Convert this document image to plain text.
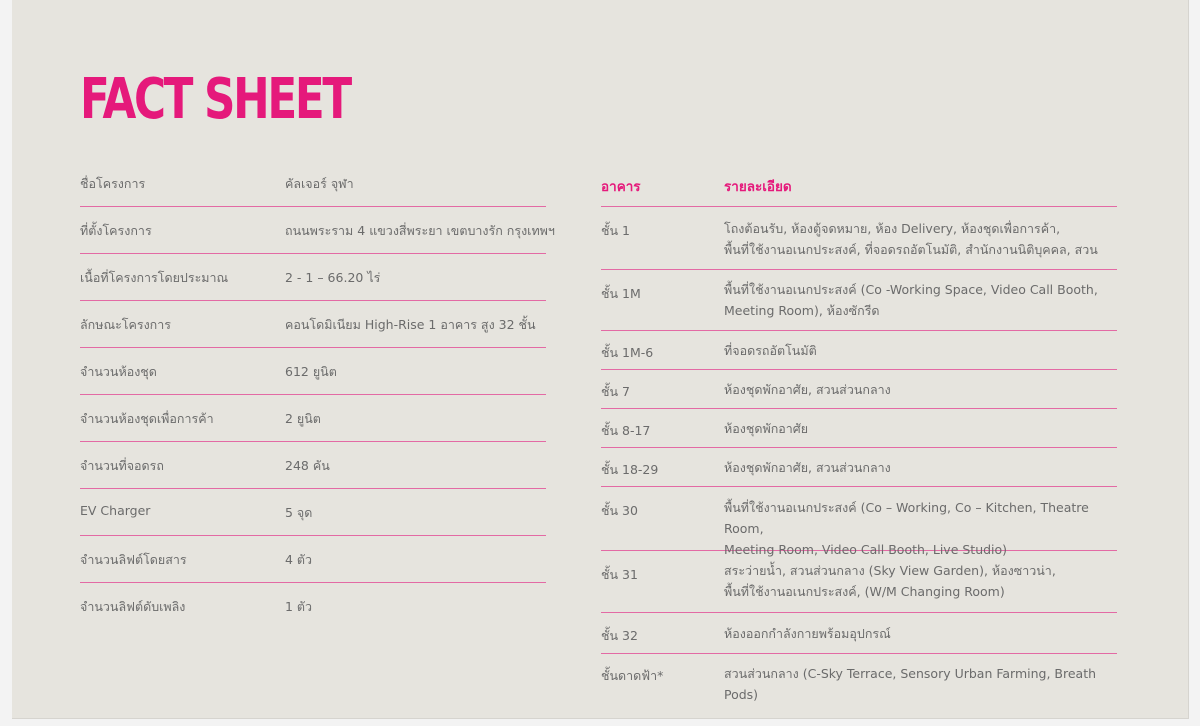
FACT SHEET
ชื่อโครงการ	คัลเจอร์ จุฬา
ที่ตั้งโครงการ	ถนนพระราม 4 แขวงสี่พระยา เขตบางรัก กรุงเทพฯ
เนื้อที่โครงการโดยประมาณ	2 - 1 – 66.20 ไร่
ลักษณะโครงการ	คอนโดมิเนียม High-Rise 1 อาคาร สูง 32 ชั้น
จำนวนห้องชุด	612 ยูนิต
จำนวนห้องชุดเพื่อการค้า	2 ยูนิต
จำนวนที่จอดรถ	248 คัน
EV Charger	5 จุด
จำนวนลิฟต์โดยสาร	4 ตัว
จำนวนลิฟต์ดับเพลิง	1 ตัว
อาคาร	รายละเอียด
ชั้น 1	โถงต้อนรับ, ห้องตู้จดหมาย, ห้อง Delivery, ห้องชุดเพื่อการค้า,
พื้นที่ใช้งานอเนกประสงค์, ที่จอดรถอัตโนมัติ, สำนักงานนิติบุคคล, สวน
ชั้น 1M	พื้นที่ใช้งานอเนกประสงค์ (Co -Working Space, Video Call Booth,
Meeting Room), ห้องซักรีด
ชั้น 1M-6	ที่จอดรถอัตโนมัติ
ชั้น 7	ห้องชุดพักอาศัย, สวนส่วนกลาง
ชั้น 8-17	ห้องชุดพักอาศัย
ชั้น 18-29	ห้องชุดพักอาศัย, สวนส่วนกลาง
ชั้น 30	พื้นที่ใช้งานอเนกประสงค์ (Co – Working, Co – Kitchen, Theatre Room,
Meeting Room, Video Call Booth, Live Studio)
ชั้น 31	สระว่ายน้ำ, สวนส่วนกลาง (Sky View Garden), ห้องซาวน่า,
พื้นที่ใช้งานอเนกประสงค์, (W/M Changing Room)
ชั้น 32	ห้องออกกำลังกายพร้อมอุปกรณ์
ชั้นดาดฟ้า*	สวนส่วนกลาง (C-Sky Terrace, Sensory Urban Farming, Breath Pods)
